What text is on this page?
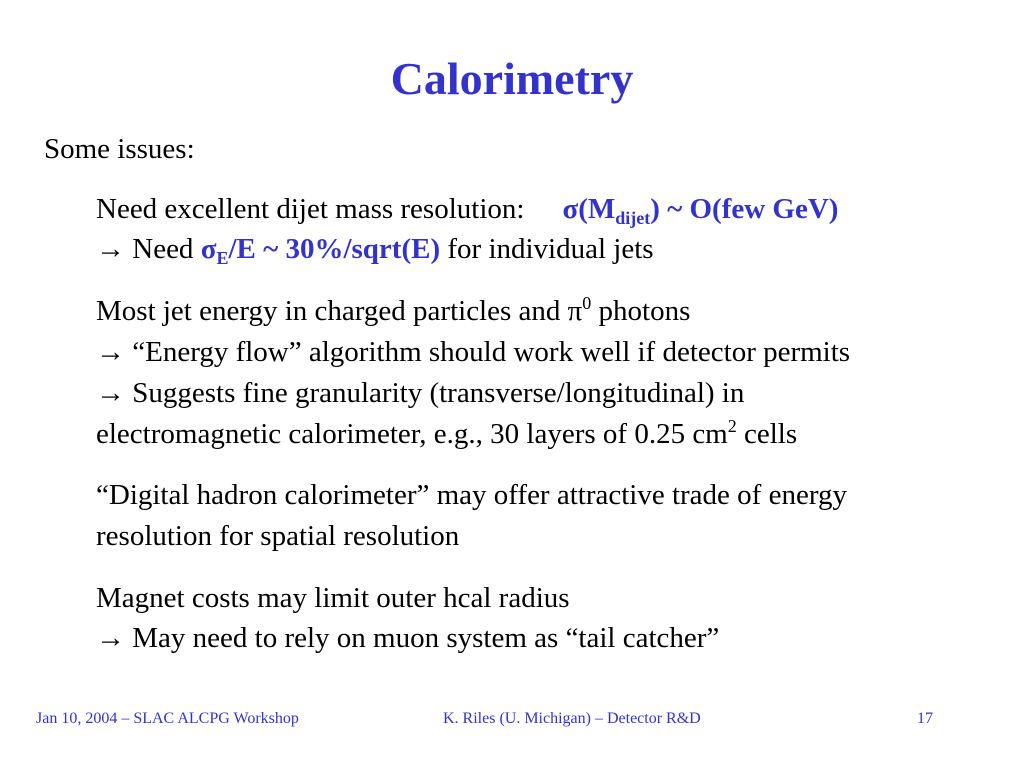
Calorimetry
Some issues:
Need excellent dijet mass resolution: $\sigma(M_{dijet})$ ~ O(few GeV)
→ Need $\sigma_E/E$ ~ 30%/sqrt(E) for individual jets
Most jet energy in charged particles and $\pi^0$ photons
→ “Energy flow” algorithm should work well if detector permits
→ Suggests fine granularity (transverse/longitudinal) in
electromagnetic calorimeter, e.g., 30 layers of 0.25 $cm^2$ cells
“Digital hadron calorimeter” may offer attractive trade of energy
resolution for spatial resolution
Magnet costs may limit outer hcal radius
→ May need to rely on muon system as “tail catcher”
Jan 10, 2004 – SLAC ALCPG Workshop	K. Riles (U. Michigan) – Detector R&D	17
